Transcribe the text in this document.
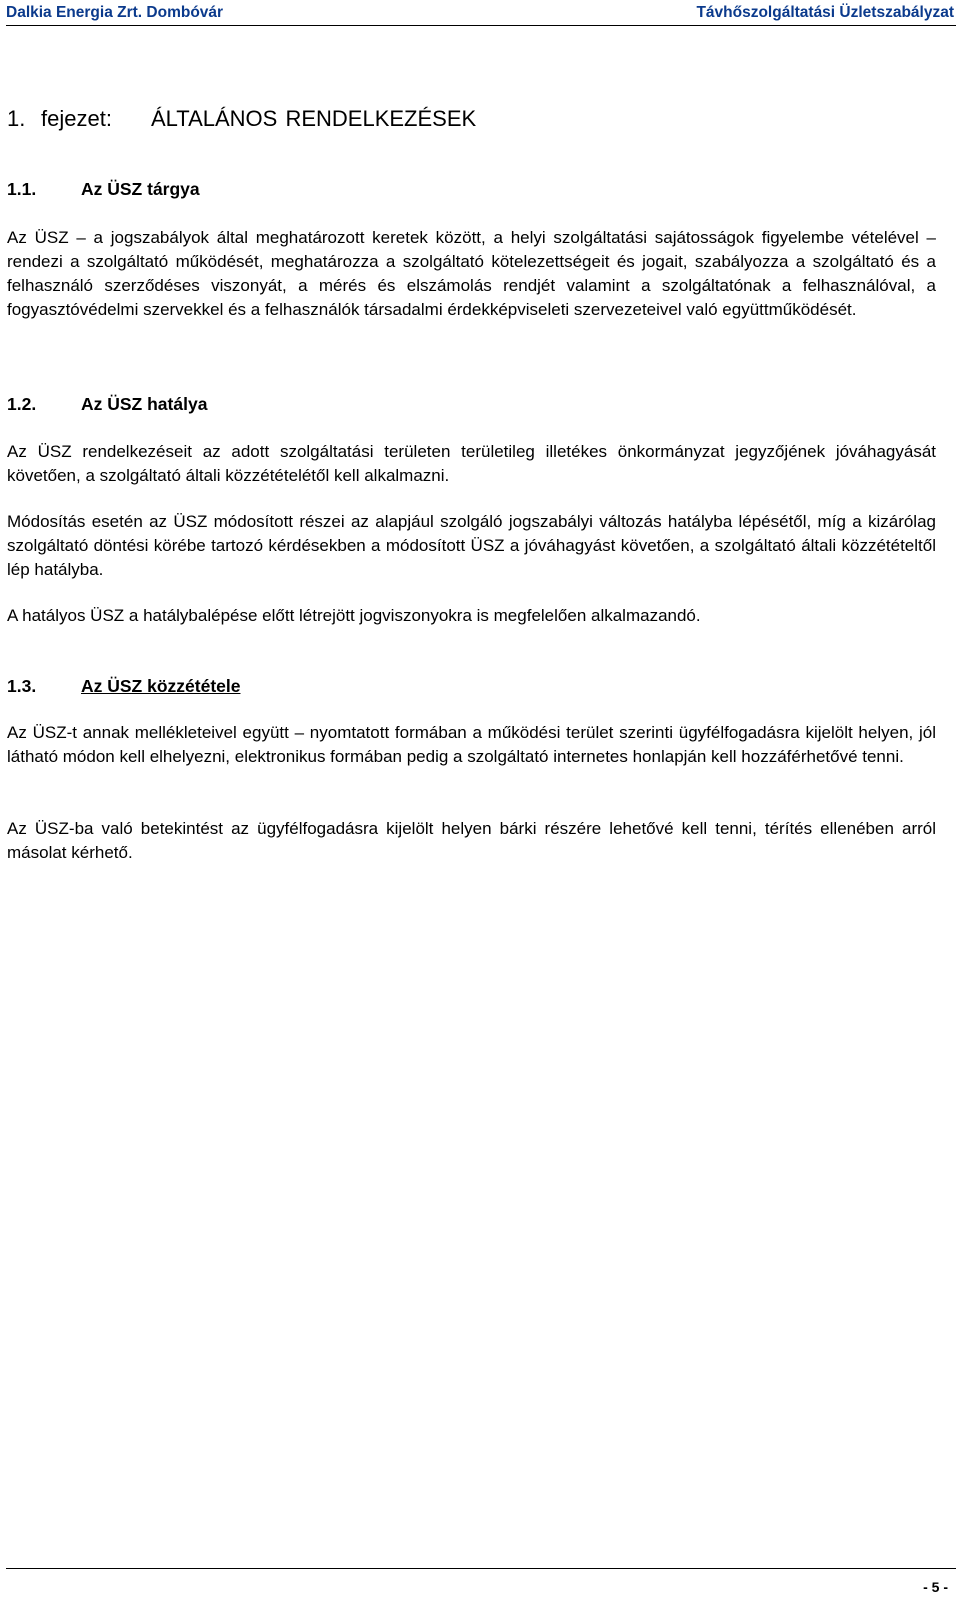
Dalkia Energia Zrt. Dombóvár	Távhőszolgáltatási Üzletszabályzat
1. fejezet: ÁLTALÁNOS RENDELKEZÉSEK
1.1.	Az ÜSZ tárgya

Az ÜSZ – a jogszabályok által meghatározott keretek között, a helyi szolgáltatási sajátosságok figyelembe vételével – rendezi a szolgáltató működését, meghatározza a szolgáltató kötelezettségeit és jogait, szabályozza a szolgáltató és a felhasználó szerződéses viszonyát, a mérés és elszámolás rendjét valamint a szolgáltatónak a felhasználóval, a fogyasztóvédelmi szervekkel és a felhasználók társadalmi érdekképviseleti szervezeteivel való együttműködését.

1.2.	Az ÜSZ hatálya

Az ÜSZ rendelkezéseit az adott szolgáltatási területen területileg illetékes önkormányzat jegyzőjének jóváhagyását követően, a szolgáltató általi közzétételétől kell alkalmazni.

Módosítás esetén az ÜSZ módosított részei az alapjául szolgáló jogszabályi változás hatályba lépésétől, míg a kizárólag szolgáltató döntési körébe tartozó kérdésekben a módosított ÜSZ a jóváhagyást követően, a szolgáltató általi közzétételtől lép hatályba.

A hatályos ÜSZ a hatálybalépése előtt létrejött jogviszonyokra is megfelelően alkalmazandó.

1.3.	Az ÜSZ közzététele

Az ÜSZ-t annak mellékleteivel együtt – nyomtatott formában a működési terület szerinti ügyfélfogadásra kijelölt helyen, jól látható módon kell elhelyezni, elektronikus formában pedig a szolgáltató internetes honlapján kell hozzáférhetővé tenni.

Az ÜSZ-ba való betekintést az ügyfélfogadásra kijelölt helyen bárki részére lehetővé kell tenni, térítés ellenében arról másolat kérhető.

- 5 -
